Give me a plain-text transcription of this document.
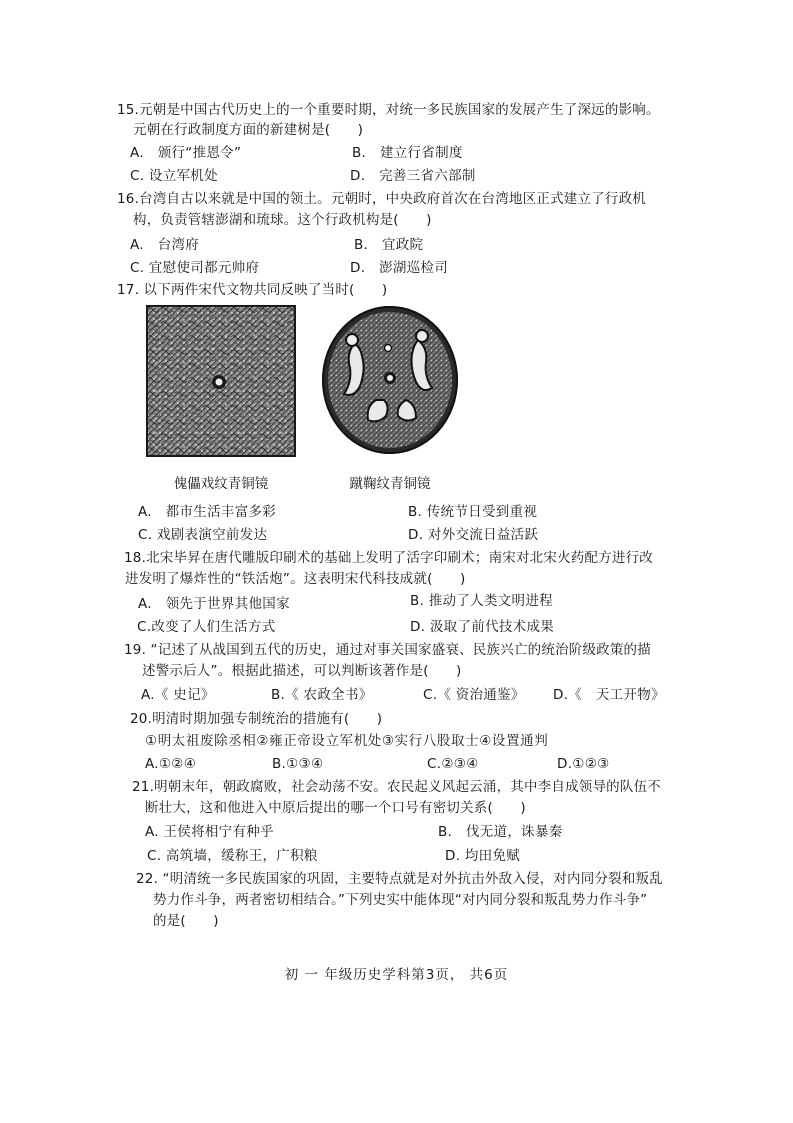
15.元朝是中国古代历史上的一个重要时期，对统一多民族国家的发展产生了深远的影响。
元朝在行政制度方面的新建树是(　　)
A.　颁行“推恩令”	B.　建立行省制度
C. 设立军机处	D.　完善三省六部制
16.台湾自古以来就是中国的领土。元朝时，中央政府首次在台湾地区正式建立了行政机
构，负责管辖澎湖和琉球。这个行政机构是(　　)
A.　台湾府	B.　宜政院
C. 宜慰使司都元帅府	D.　澎湖巡检司
17. 以下两件宋代文物共同反映了当时(　　)
傀儡戏纹青铜镜	蹴鞠纹青铜镜
A.　都市生活丰富多彩	B. 传统节日受到重视
C. 戏剧表演空前发达	D. 对外交流日益活跃
18.北宋毕昇在唐代雕版印刷术的基础上发明了活字印刷术；南宋对北宋火药配方进行改
进发明了爆炸性的“铁活炮”。这表明宋代科技成就(　　)
A.　领先于世界其他国家	B. 推动了人类文明进程
C.改变了人们生活方式	D. 汲取了前代技术成果
19. “记述了从战国到五代的历史，通过对事关国家盛衰、民族兴亡的统治阶级政策的描
述警示后人”。根据此描述，可以判断该著作是(　　)
A.《 史记》	B.《 农政全书》	C.《 资治通鉴》 D.《　天工开物》
20.明清时期加强专制统治的措施有(　　)
①明太祖废除丞相②雍正帝设立军机处③实行八股取士④设置通判
A.①②④	B.①③④	C.②③④	D.①②③
21.明朝末年，朝政腐败，社会动荡不安。农民起义风起云涌，其中李自成领导的队伍不
断壮大，这和他进入中原后提出的哪一个口号有密切关系(　　)
A. 王侯将相宁有种乎	B.　伐无道，诛暴秦
C. 高筑墙，缓称王，广积粮	D. 均田免赋
22. “明清统一多民族国家的巩固，主要特点就是对外抗击外敌入侵，对内同分裂和叛乱
势力作斗争，两者密切相结合。”下列史实中能体现“对内同分裂和叛乱势力作斗争”
的是(　　)
初 一 年级历史学科第3页， 共6页
